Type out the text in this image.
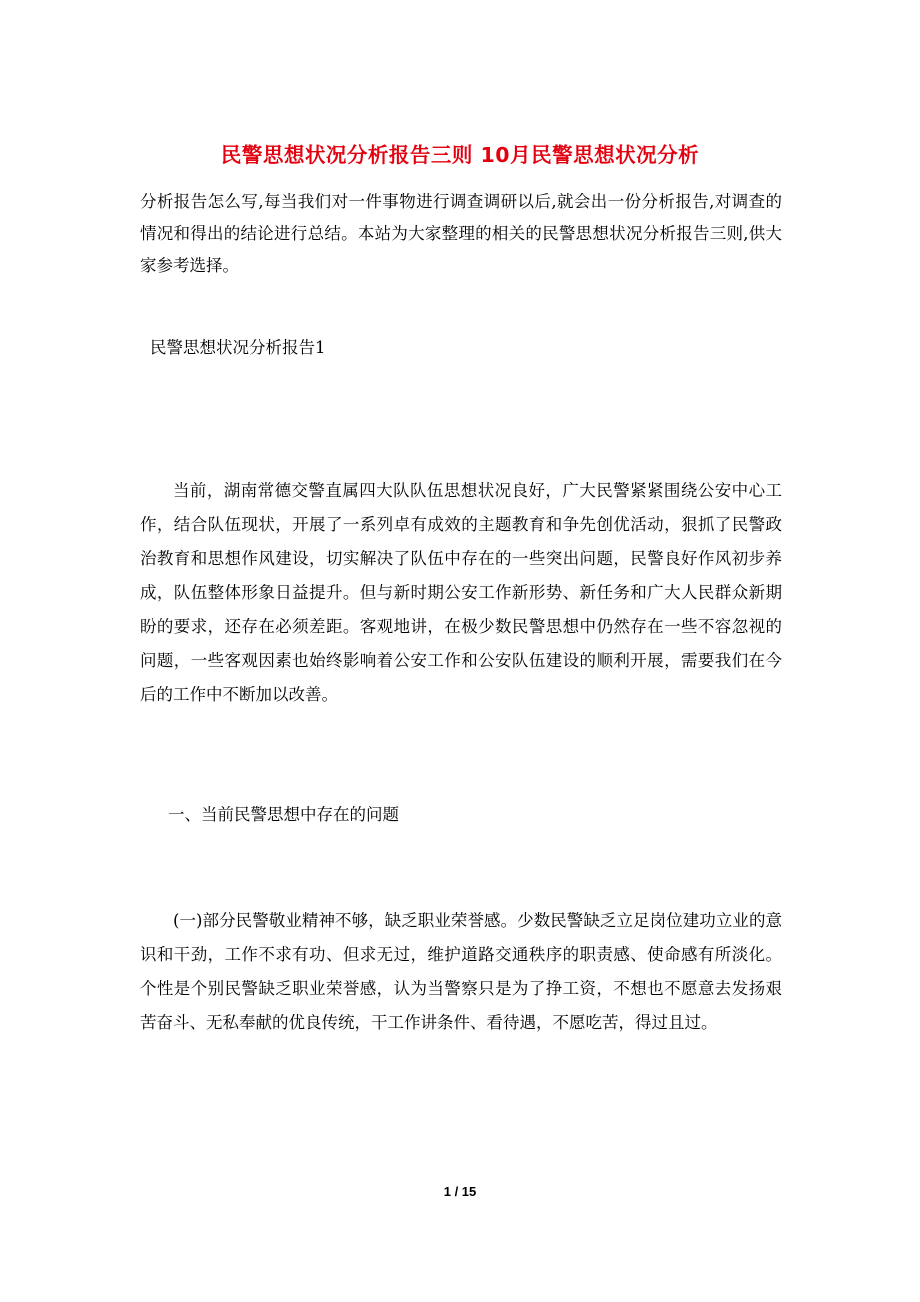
民警思想状况分析报告三则 10月民警思想状况分析
分析报告怎么写,每当我们对一件事物进行调查调研以后,就会出一份分析报告,对调查的情况和得出的结论进行总结。本站为大家整理的相关的民警思想状况分析报告三则,供大家参考选择。
民警思想状况分析报告1
当前，湖南常德交警直属四大队队伍思想状况良好，广大民警紧紧围绕公安中心工作，结合队伍现状，开展了一系列卓有成效的主题教育和争先创优活动，狠抓了民警政治教育和思想作风建设，切实解决了队伍中存在的一些突出问题，民警良好作风初步养成，队伍整体形象日益提升。但与新时期公安工作新形势、新任务和广大人民群众新期盼的要求，还存在必须差距。客观地讲，在极少数民警思想中仍然存在一些不容忽视的问题，一些客观因素也始终影响着公安工作和公安队伍建设的顺利开展，需要我们在今后的工作中不断加以改善。
一、当前民警思想中存在的问题
(一)部分民警敬业精神不够，缺乏职业荣誉感。少数民警缺乏立足岗位建功立业的意识和干劲，工作不求有功、但求无过，维护道路交通秩序的职责感、使命感有所淡化。个性是个别民警缺乏职业荣誉感，认为当警察只是为了挣工资，不想也不愿意去发扬艰苦奋斗、无私奉献的优良传统，干工作讲条件、看待遇，不愿吃苦，得过且过。
1 / 15
